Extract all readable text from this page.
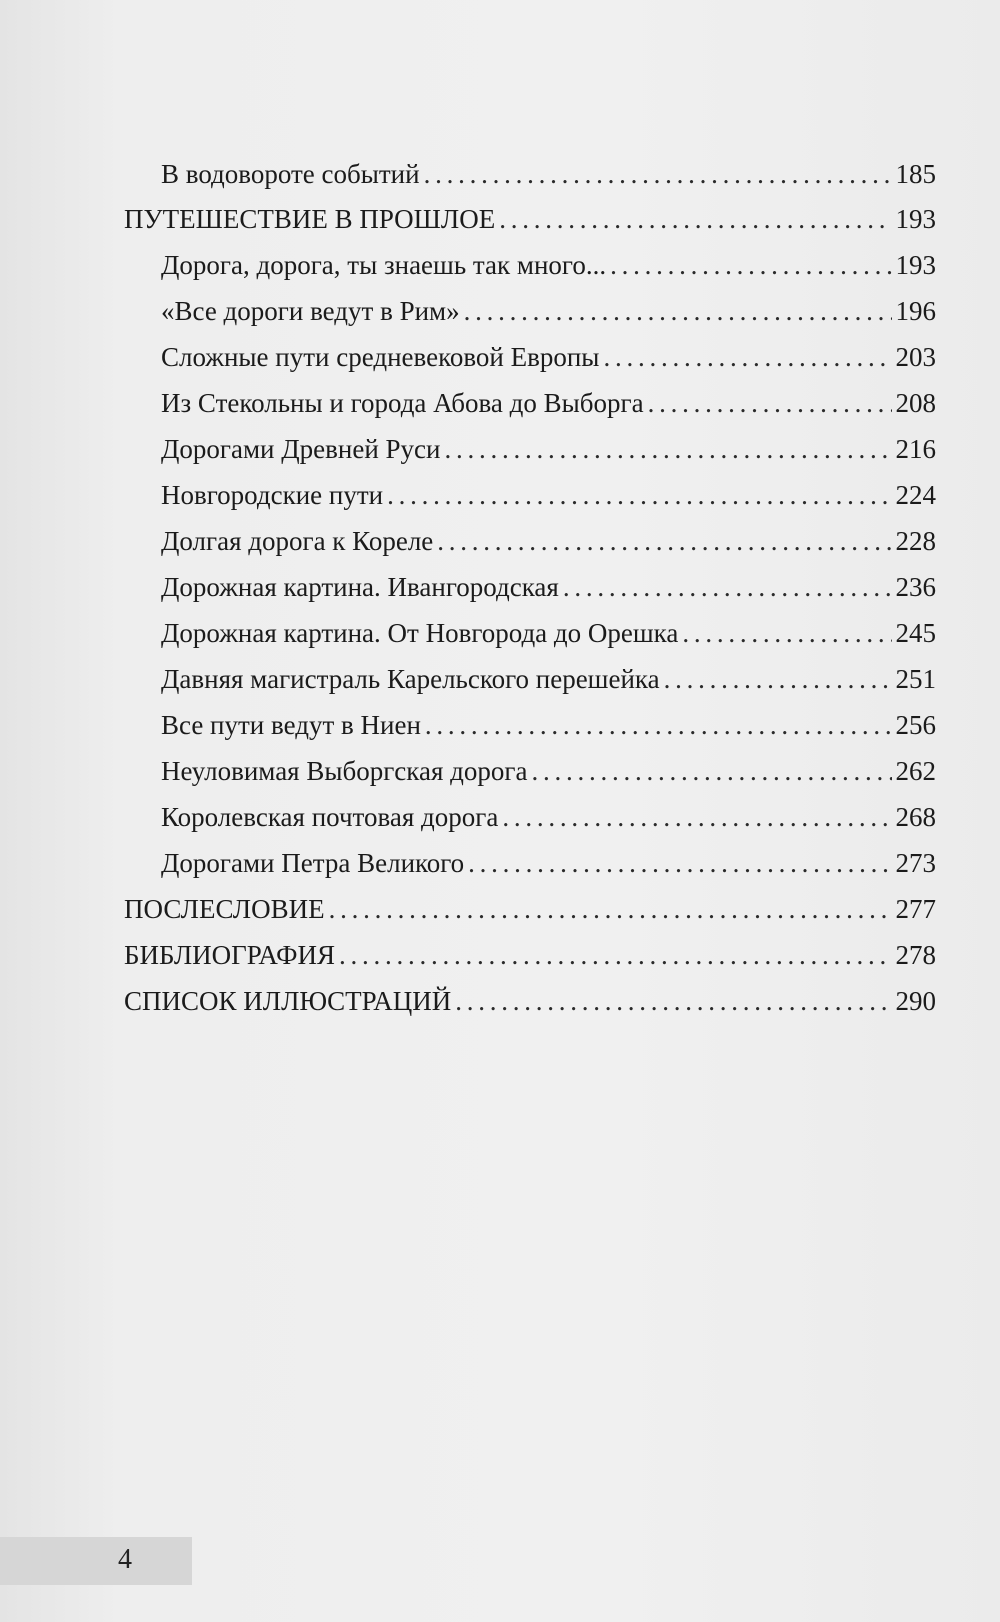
В водовороте событий . . .	185
ПУТЕШЕСТВИЕ В ПРОШЛОЕ . . .	193
Дорога, дорога, ты знаешь так много... . . .	193
«Все дороги ведут в Рим» . . .	196
Сложные пути средневековой Европы . . .	203
Из Стекольны и города Абова до Выборга . . .	208
Дорогами Древней Руси . . .	216
Новгородские пути . . .	224
Долгая дорога к Кореле . . .	228
Дорожная картина. Ивангородская . . .	236
Дорожная картина. От Новгорода до Орешка . . .	245
Давняя магистраль Карельского перешейка . . .	251
Все пути ведут в Ниен . . .	256
Неуловимая Выборгская дорога . . .	262
Королевская почтовая дорога . . .	268
Дорогами Петра Великого . . .	273
ПОСЛЕСЛОВИЕ . . .	277
БИБЛИОГРАФИЯ . . .	278
СПИСОК ИЛЛЮСТРАЦИЙ . . .	290
4
